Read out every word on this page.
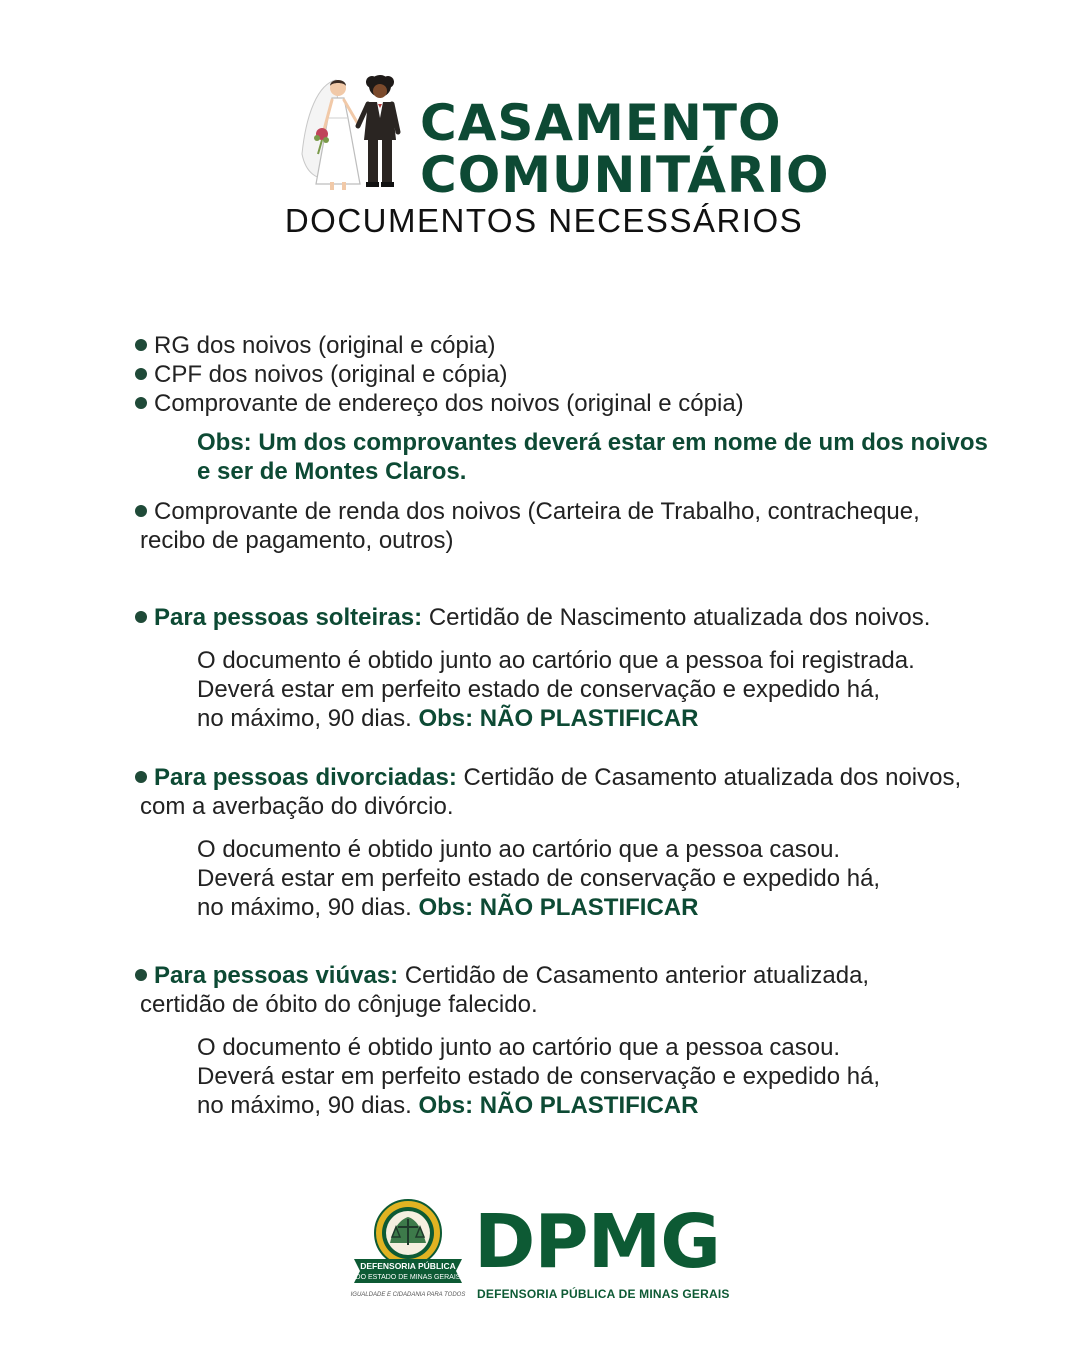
CASAMENTO
COMUNITÁRIO
DOCUMENTOS NECESSÁRIOS
RG dos noivos (original e cópia)
CPF dos noivos (original e cópia)
Comprovante de endereço dos noivos (original e cópia)
Obs: Um dos comprovantes deverá estar em nome de um dos noivos
e ser de Montes Claros.
Comprovante de renda dos noivos (Carteira de Trabalho, contracheque,
recibo de pagamento, outros)
Para pessoas solteiras: Certidão de Nascimento atualizada dos noivos.
O documento é obtido junto ao cartório que a pessoa foi registrada.
Deverá estar em perfeito estado de conservação e expedido há,
no máximo, 90 dias. Obs: NÃO PLASTIFICAR
Para pessoas divorciadas: Certidão de Casamento atualizada dos noivos,
com a averbação do divórcio.
O documento é obtido junto ao cartório que a pessoa casou.
Deverá estar em perfeito estado de conservação e expedido há,
no máximo, 90 dias. Obs: NÃO PLASTIFICAR
Para pessoas viúvas: Certidão de Casamento anterior atualizada,
certidão de óbito do cônjuge falecido.
O documento é obtido junto ao cartório que a pessoa casou.
Deverá estar em perfeito estado de conservação e expedido há,
no máximo, 90 dias. Obs: NÃO PLASTIFICAR
DEFENSORIA PÚBLICA
DO ESTADO DE MINAS GERAIS
IGUALDADE E CIDADANIA PARA TODOS
DPMG
DEFENSORIA PÚBLICA DE MINAS GERAIS
